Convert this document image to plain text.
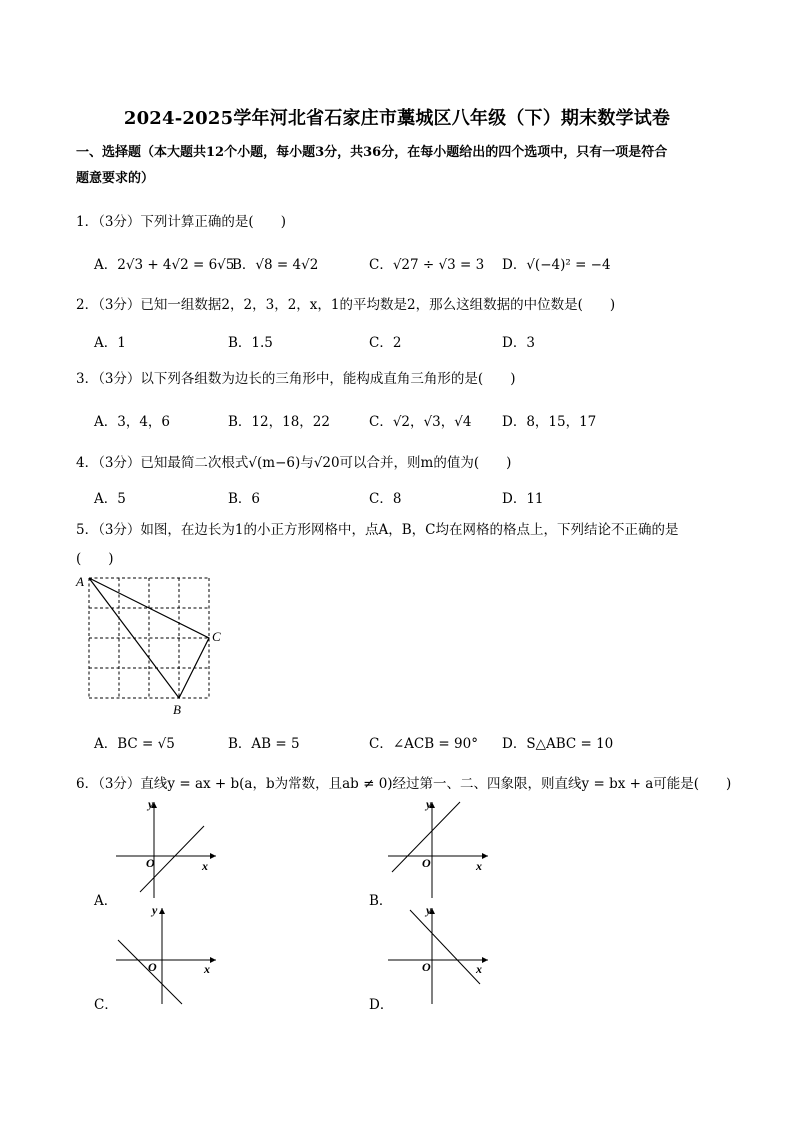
2024-2025学年河北省石家庄市藁城区八年级（下）期末数学试卷
一、选择题（本大题共12个小题，每小题3分，共36分，在每小题给出的四个选项中，只有一项是符合
题意要求的）
1．（3分）下列计算正确的是(　　)
A．2√3 + 4√2 = 6√5
B．√8 = 4√2	C．√27 ÷ √3 = 3 D．√(−4)² = −4
2．（3分）已知一组数据2，2，3，2，x，1的平均数是2，那么这组数据的中位数是(　　)
A．1	B．1.5	C．2	D．3
3．（3分）以下列各组数为边长的三角形中，能构成直角三角形的是(　　)
A．3，4，6	B．12，18，22	C．√2，√3，√4 D．8，15，17
4．（3分）已知最简二次根式√(m−6)与√20可以合并，则m的值为(　　)
A．5	B．6	C．8	D．11
5．（3分）如图，在边长为1的小正方形网格中，点A，B，C均在网格的格点上，下列结论不正确的是
(　　)
A
C
B
A．BC = √5	B．AB = 5	C．∠ACB = 90° D．S△ABC = 10
6．（3分）直线y = ax + b(a，b为常数，且ab ≠ 0)经过第一、二、四象限，则直线y = bx + a可能是(　　)
y
x
O
A．
y
x
O
B．
y
x
O
C．
y
x
O
D．
